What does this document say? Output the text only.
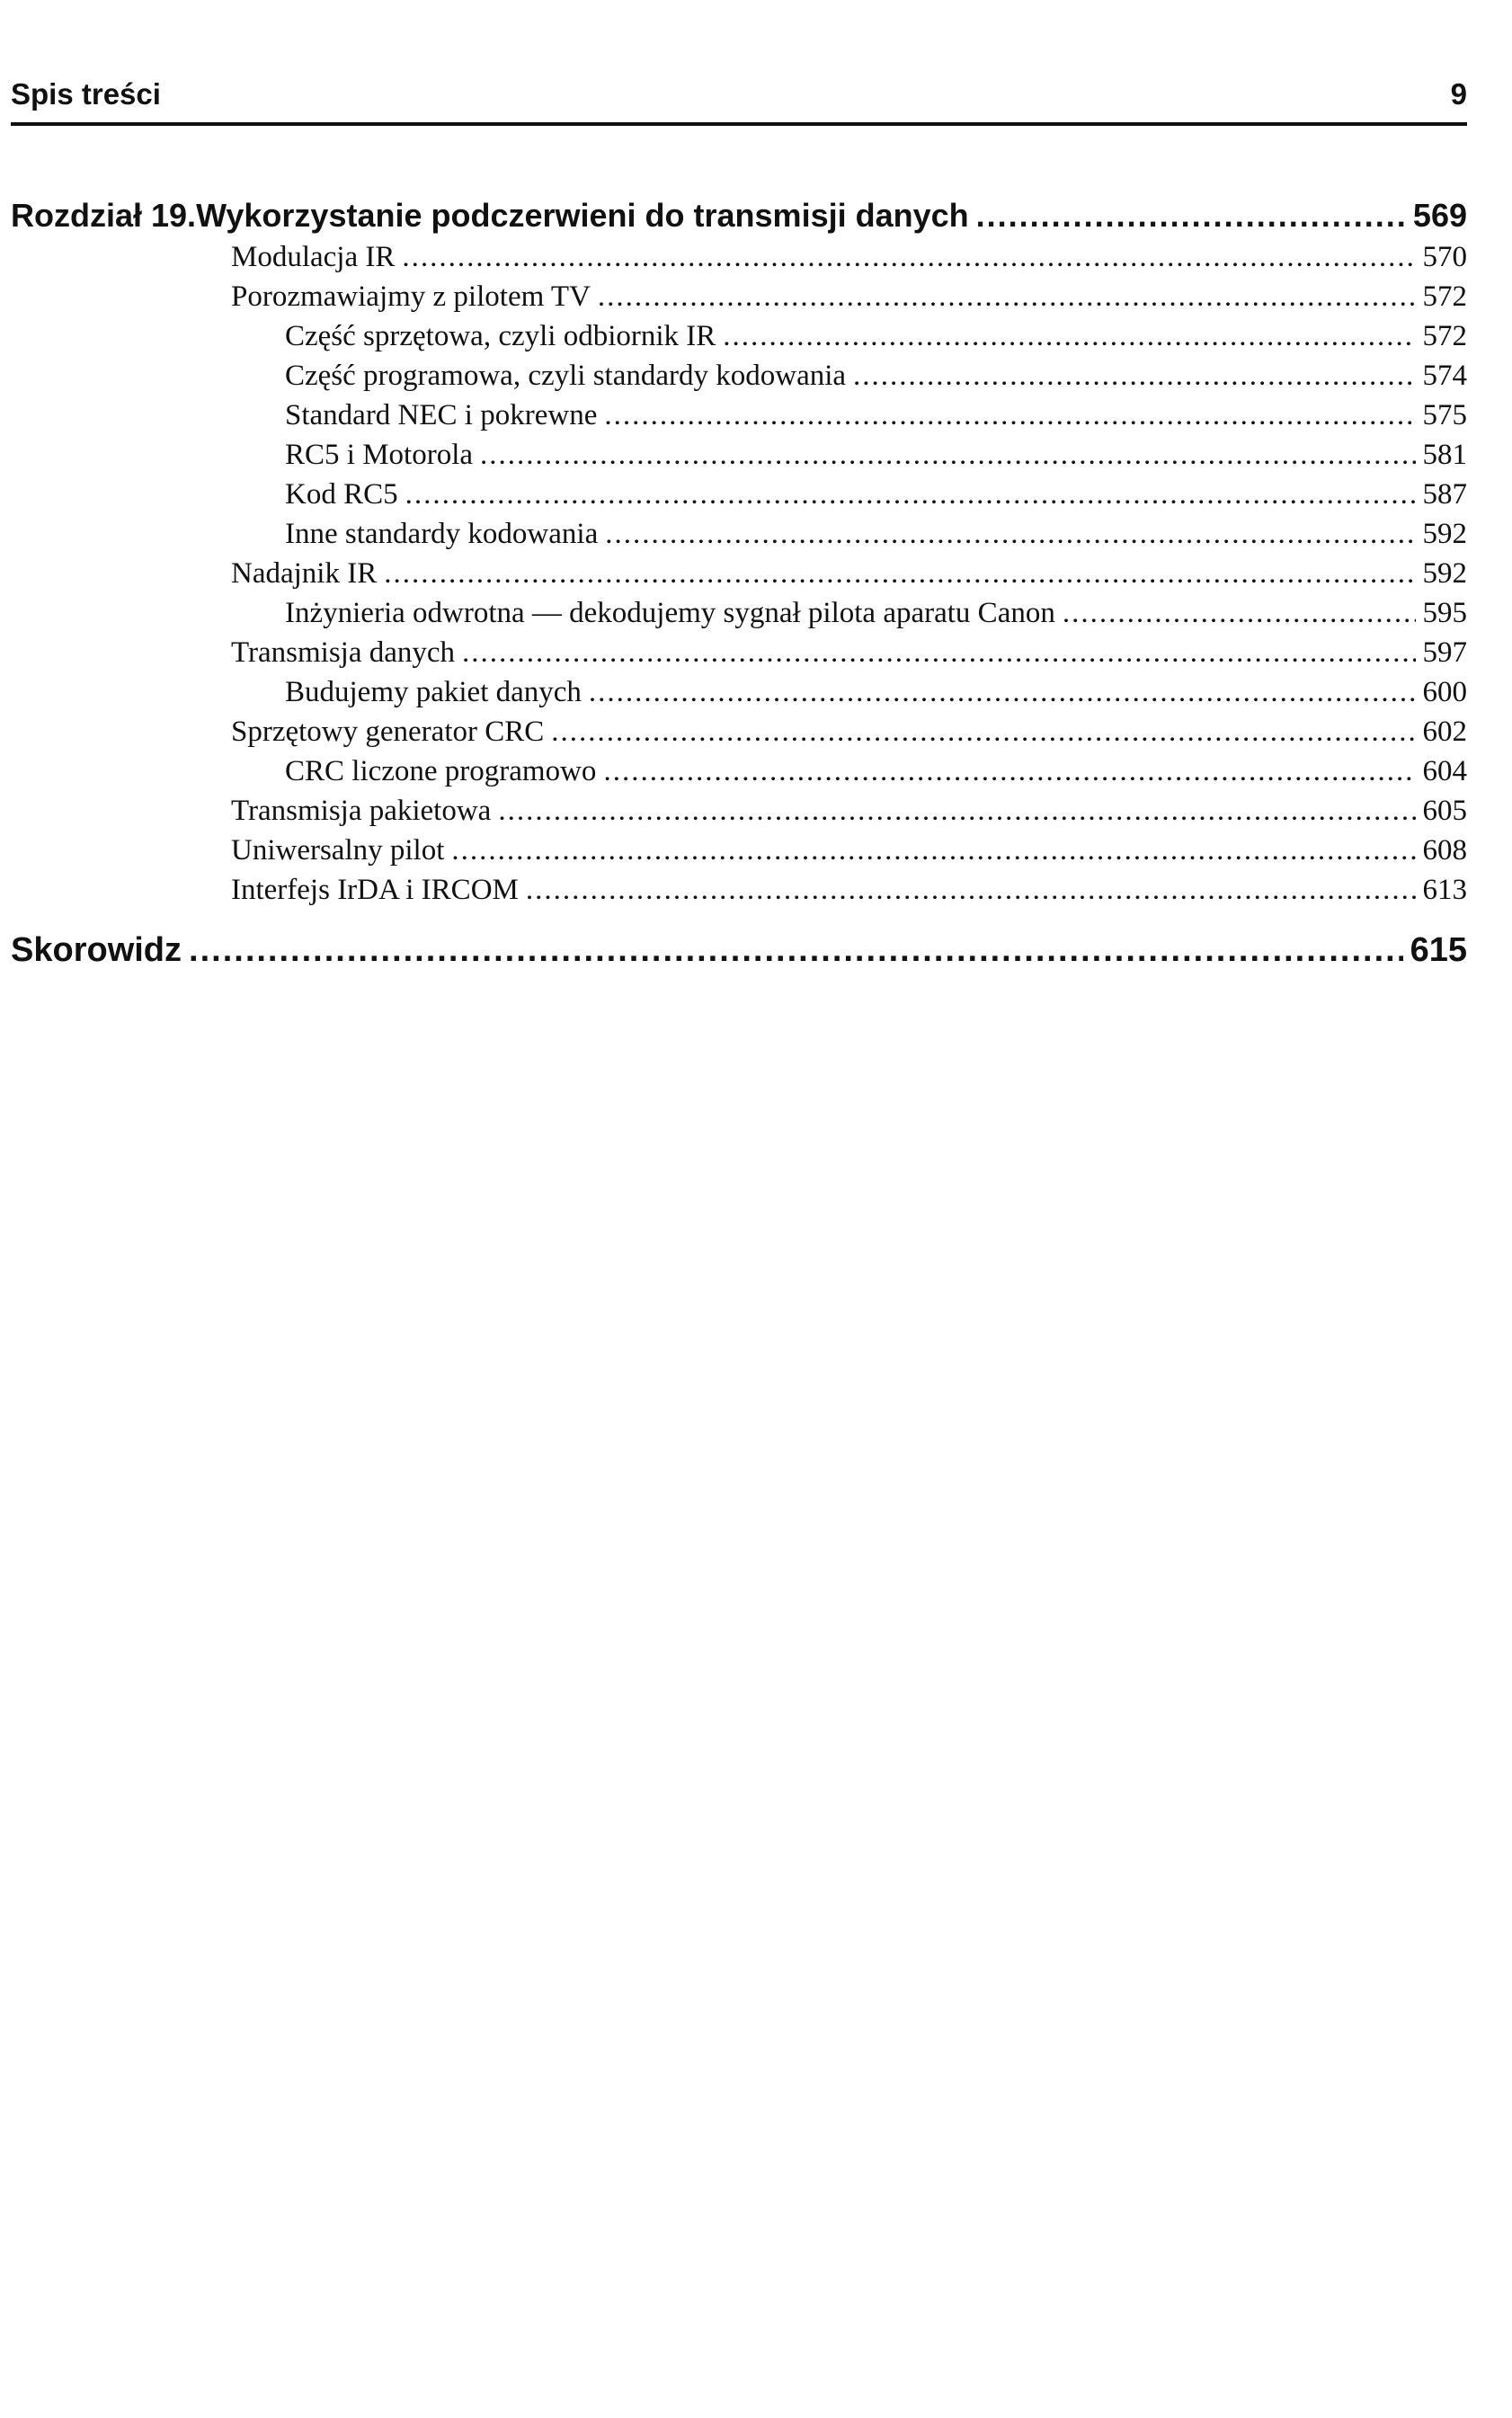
Spis treści	9
Rozdział 19. Wykorzystanie podczerwieni do transmisji danych .....	569
Modulacja IR .....	570
Porozmawiajmy z pilotem TV .....	572
Część sprzętowa, czyli odbiornik IR .....	572
Część programowa, czyli standardy kodowania .....	574
Standard NEC i pokrewne .....	575
RC5 i Motorola .....	581
Kod RC5 .....	587
Inne standardy kodowania .....	592
Nadajnik IR .....	592
Inżynieria odwrotna — dekodujemy sygnał pilota aparatu Canon .....	595
Transmisja danych .....	597
Budujemy pakiet danych .....	600
Sprzętowy generator CRC .....	602
CRC liczone programowo .....	604
Transmisja pakietowa .....	605
Uniwersalny pilot .....	608
Interfejs IrDA i IRCOM .....	613
Skorowidz .....	615
